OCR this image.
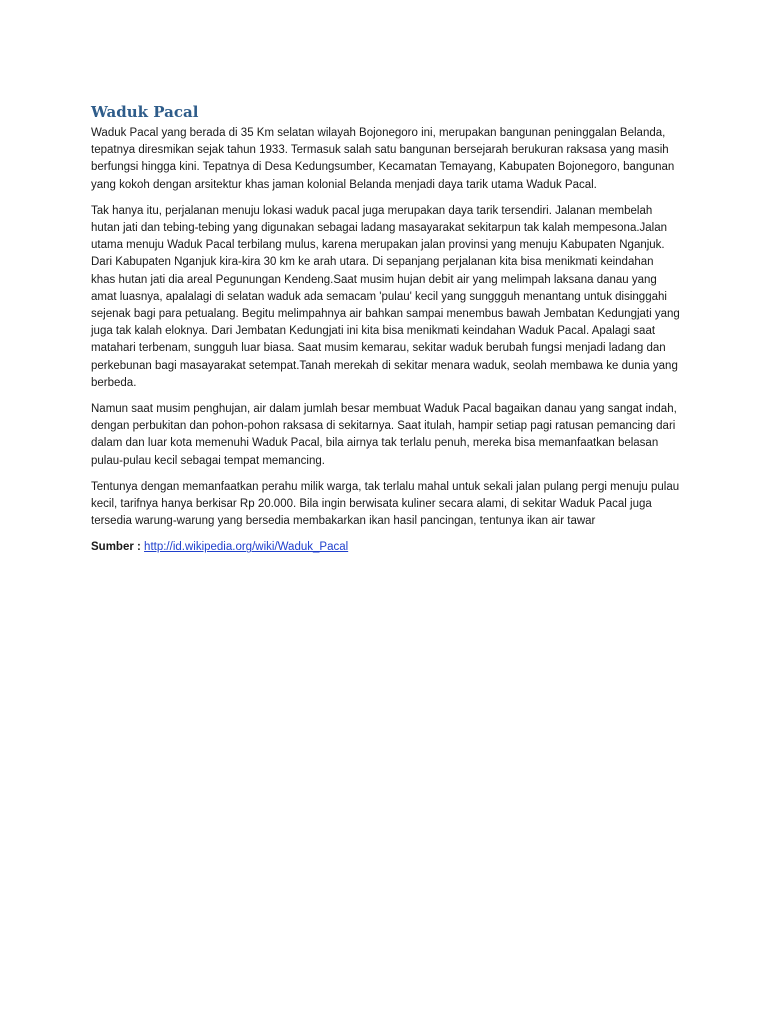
Waduk Pacal

Waduk Pacal yang berada di 35 Km selatan wilayah Bojonegoro ini, merupakan bangunan peninggalan Belanda, tepatnya diresmikan sejak tahun 1933. Termasuk salah satu bangunan bersejarah berukuran raksasa yang masih berfungsi hingga kini. Tepatnya di Desa Kedungsumber, Kecamatan Temayang, Kabupaten Bojonegoro, bangunan yang kokoh dengan arsitektur khas jaman kolonial Belanda menjadi daya tarik utama Waduk Pacal.

Tak hanya itu, perjalanan menuju lokasi waduk pacal juga merupakan daya tarik tersendiri. Jalanan membelah hutan jati dan tebing-tebing yang digunakan sebagai ladang masayarakat sekitarpun tak kalah mempesona.Jalan utama menuju Waduk Pacal terbilang mulus, karena merupakan jalan provinsi yang menuju Kabupaten Nganjuk. Dari Kabupaten Nganjuk kira-kira 30 km ke arah utara. Di sepanjang perjalanan kita bisa menikmati keindahan khas hutan jati dia areal Pegunungan Kendeng.Saat musim hujan debit air yang melimpah laksana danau yang amat luasnya, apalalagi di selatan waduk ada semacam 'pulau' kecil yang sunggguh menantang untuk disinggahi sejenak bagi para petualang. Begitu melimpahnya air bahkan sampai menembus bawah Jembatan Kedungjati yang juga tak kalah eloknya. Dari Jembatan Kedungjati ini kita bisa menikmati keindahan Waduk Pacal. Apalagi saat matahari terbenam, sungguh luar biasa. Saat musim kemarau, sekitar waduk berubah fungsi menjadi ladang dan perkebunan bagi masayarakat setempat.Tanah merekah di sekitar menara waduk, seolah membawa ke dunia yang berbeda.

Namun saat musim penghujan, air dalam jumlah besar membuat Waduk Pacal bagaikan danau yang sangat indah, dengan perbukitan dan pohon-pohon raksasa di sekitarnya. Saat itulah, hampir setiap pagi ratusan pemancing dari dalam dan luar kota memenuhi Waduk Pacal, bila airnya tak terlalu penuh, mereka bisa memanfaatkan belasan pulau-pulau kecil sebagai tempat memancing.

Tentunya dengan memanfaatkan perahu milik warga, tak terlalu mahal untuk sekali jalan pulang pergi menuju pulau kecil, tarifnya hanya berkisar Rp 20.000. Bila ingin berwisata kuliner secara alami, di sekitar Waduk Pacal juga tersedia warung-warung yang bersedia membakarkan ikan hasil pancingan, tentunya ikan air tawar

Sumber : http://id.wikipedia.org/wiki/Waduk_Pacal
